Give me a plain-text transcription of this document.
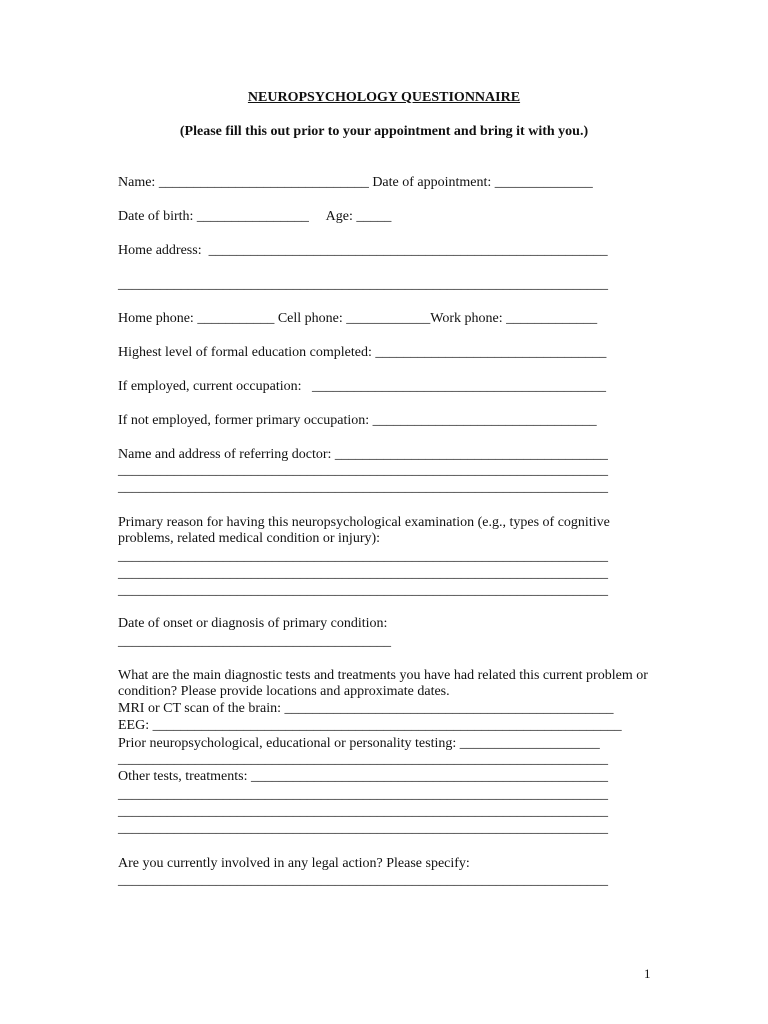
NEUROPSYCHOLOGY QUESTIONNAIRE
(Please fill this out prior to your appointment and bring it with you.)
Name: ______________________________ Date of appointment: ______________
Date of birth: ________________     Age: _____
Home address:  _________________________________________________________
______________________________________________________________________
Home phone: ___________ Cell phone: ____________Work phone: _____________
Highest level of formal education completed: _________________________________
If employed, current occupation:   __________________________________________
If not employed, former primary occupation: ________________________________
Name and address of referring doctor: _______________________________________
______________________________________________________________________
______________________________________________________________________
Primary reason for having this neuropsychological examination (e.g., types of cognitive
problems, related medical condition or injury):
______________________________________________________________________
______________________________________________________________________
______________________________________________________________________
Date of onset or diagnosis of primary condition:
_______________________________________
What are the main diagnostic tests and treatments you have had related this current problem or
condition? Please provide locations and approximate dates.
MRI or CT scan of the brain: _______________________________________________
EEG: ___________________________________________________________________
Prior neuropsychological, educational or personality testing: ____________________
______________________________________________________________________
Other tests, treatments: ___________________________________________________
______________________________________________________________________
______________________________________________________________________
______________________________________________________________________
Are you currently involved in any legal action? Please specify:
______________________________________________________________________
1
